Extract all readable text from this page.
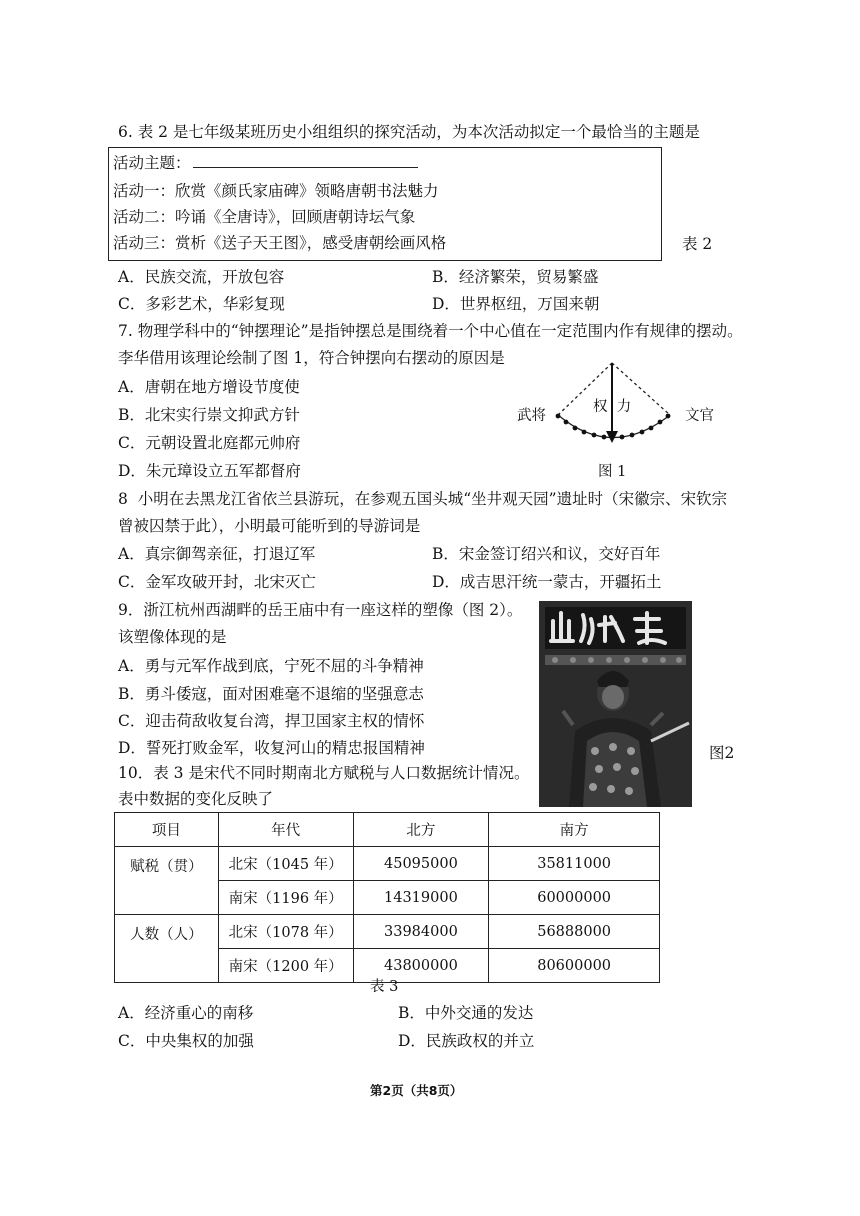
6. 表 2 是七年级某班历史小组组织的探究活动，为本次活动拟定一个最恰当的主题是
活动主题：
活动一：欣赏《颜氏家庙碑》领略唐朝书法魅力
活动二：吟诵《全唐诗》，回顾唐朝诗坛气象
活动三：赏析《送子天王图》，感受唐朝绘画风格	表 2
A．民族交流，开放包容	B．经济繁荣，贸易繁盛
C．多彩艺术，华彩复现	D．世界枢纽，万国来朝
7. 物理学科中的“钟摆理论”是指钟摆总是围绕着一个中心值在一定范围内作有规律的摆动。
李华借用该理论绘制了图 1，符合钟摆向右摆动的原因是
A．唐朝在地方增设节度使
B．北宋实行崇文抑武方针
C．元朝设置北庭都元帅府
D．朱元璋设立五军都督府
武将	文官
权  力
图 1
8  小明在去黑龙江省依兰县游玩，在参观五国头城“坐井观天园”遗址时（宋徽宗、宋钦宗
曾被囚禁于此），小明最可能听到的导游词是
A．真宗御驾亲征，打退辽军	B．宋金签订绍兴和议，交好百年
C．金军攻破开封，北宋灭亡	D．成吉思汗统一蒙古，开疆拓土
9．浙江杭州西湖畔的岳王庙中有一座这样的塑像（图 2）。
该塑像体现的是
A．勇与元军作战到底，宁死不屈的斗争精神
B．勇斗倭寇，面对困难毫不退缩的坚强意志
C．迎击荷敌收复台湾，捍卫国家主权的情怀
D．誓死打败金军，收复河山的精忠报国精神	图2
10．表 3 是宋代不同时期南北方赋税与人口数据统计情况。
表中数据的变化反映了
项目	年代	北方	南方
赋税（贯）	北宋（1045 年）	45095000	35811000
	南宋（1196 年）	14319000	60000000
人数（人）	北宋（1078 年）	33984000	56888000
	南宋（1200 年）	43800000	80600000
表 3
A．经济重心的南移	B．中外交通的发达
C．中央集权的加强	D．民族政权的并立
第2页（共8页）
